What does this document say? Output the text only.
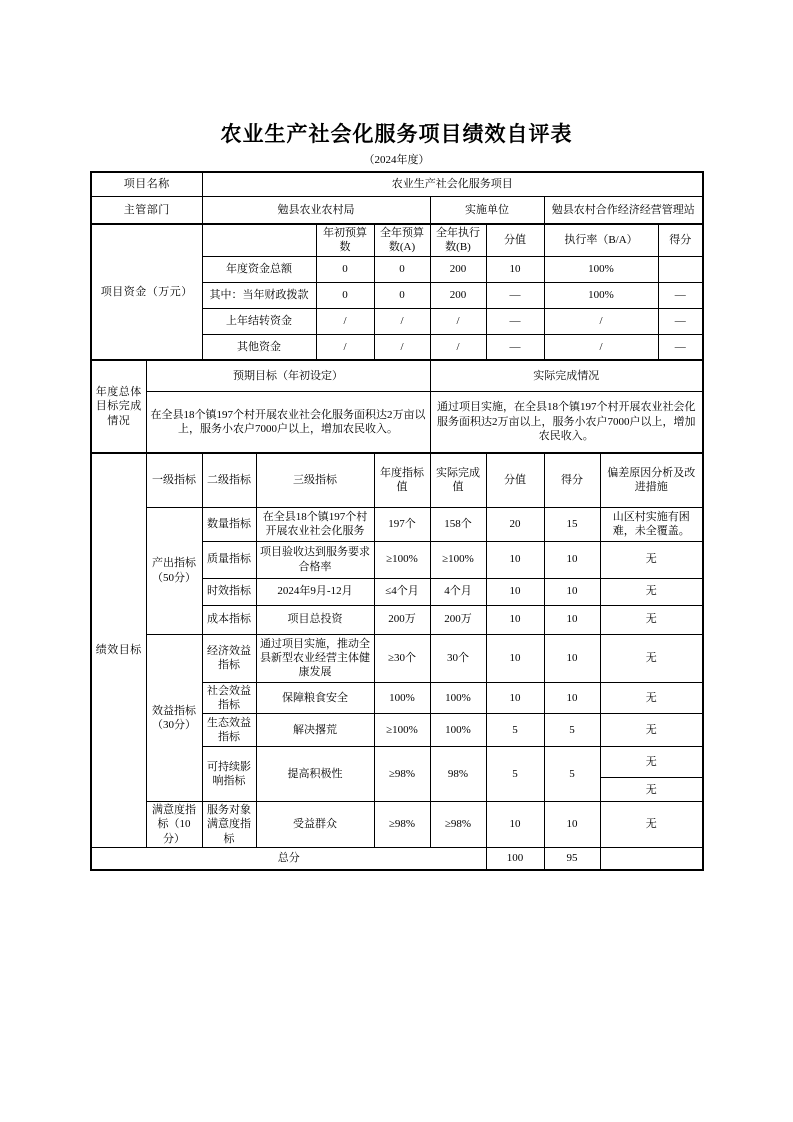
农业生产社会化服务项目绩效自评表
（2024年度）
项目名称		农业生产社会化服务项目								
主管部门		勉县农业农村局				实施单位		勉县农村合作经济经营管理站		
项目资金（万元）				年初预算数	全年预算数(A)	全年执行数(B)	分值	执行率（B/A）		得分
		年度资金总额		0	0	200	10	100%		
		其中：当年财政拨款		0	0	200	—	100%		—
		上年结转资金		/	/	/	—	/		—
		其他资金		/	/	/	—	/		—
年度总体目标完成情况	预期目标（年初设定）					实际完成情况				
	在全县18个镇197个村开展农业社会化服务面积达2万亩以上，服务小农户7000户以上，增加农民收入。					通过项目实施，在全县18个镇197个村开展农业社会化服务面积达2万亩以上，服务小农户7000户以上，增加农民收入。				
绩效目标	一级指标	二级指标	三级指标		年度指标值	实际完成值	分值	得分	偏差原因分析及改进措施	
	产出指标（50分）	数量指标	在全县18个镇197个村开展农业社会化服务		197个	158个	20	15	山区村实施有困难，未全覆盖。	
		质量指标	项目验收达到服务要求合格率		≥100%	≥100%	10	10	无	
		时效指标	2024年9月-12月		≤4个月	4个月	10	10	无	
		成本指标	项目总投资		200万	200万	10	10	无	
	效益指标（30分）	经济效益指标	通过项目实施，推动全县新型农业经营主体健康发展		≥30个	30个	10	10	无	
		社会效益指标	保障粮食安全		100%	100%	10	10	无	
		生态效益指标	解决撂荒		≥100%	100%	5	5	无	
		可持续影响指标	提高积极性		≥98%	98%	5	5	无	
									无	
	满意度指标（10分）	服务对象满意度指标	受益群众		≥98%	≥98%	10	10	无	
总分							100	95		
